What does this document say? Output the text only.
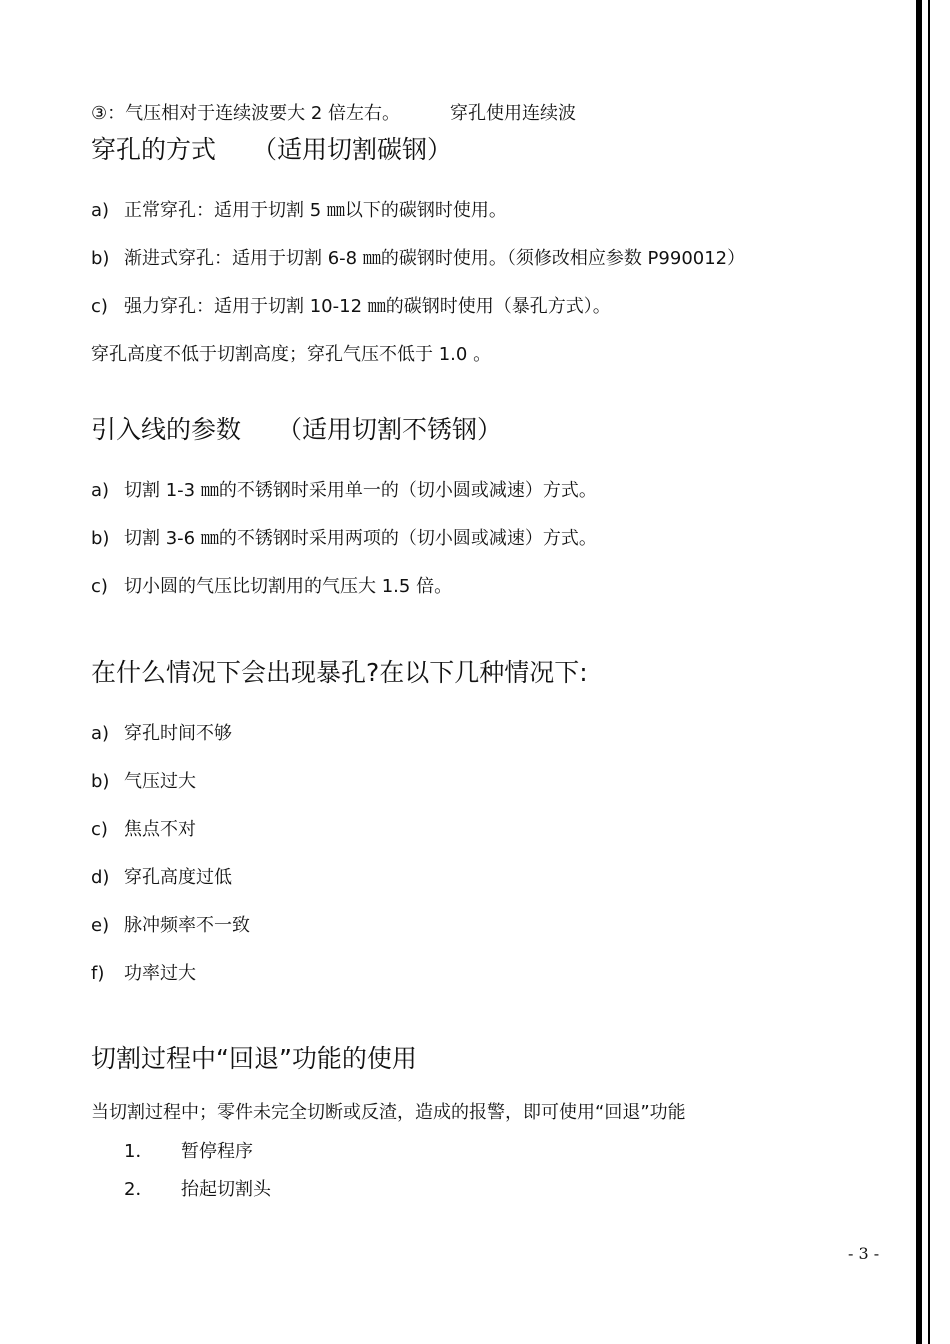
③：气压相对于连续波要大 2 倍左右。	穿孔使用连续波
穿孔的方式 （适用切割碳钢）
a) 正常穿孔：适用于切割 5 ㎜以下的碳钢时使用。
b) 渐进式穿孔：适用于切割 6-8 ㎜的碳钢时使用。（须修改相应参数 P990012）
c) 强力穿孔：适用于切割 10-12 ㎜的碳钢时使用（暴孔方式）。
穿孔高度不低于切割高度；穿孔气压不低于 1.0 。
引入线的参数 （适用切割不锈钢）
a) 切割 1-3 ㎜的不锈钢时采用单一的（切小圆或减速）方式。
b) 切割 3-6 ㎜的不锈钢时采用两项的（切小圆或减速）方式。
c) 切小圆的气压比切割用的气压大 1.5 倍。
在什么情况下会出现暴孔?在以下几种情况下:
a) 穿孔时间不够
b) 气压过大
c) 焦点不对
d) 穿孔高度过低
e) 脉冲频率不一致
f) 功率过大
切割过程中“回退”功能的使用
当切割过程中；零件未完全切断或反渣，造成的报警，即可使用“回退”功能
1． 暂停程序
2． 抬起切割头
- 3 -
